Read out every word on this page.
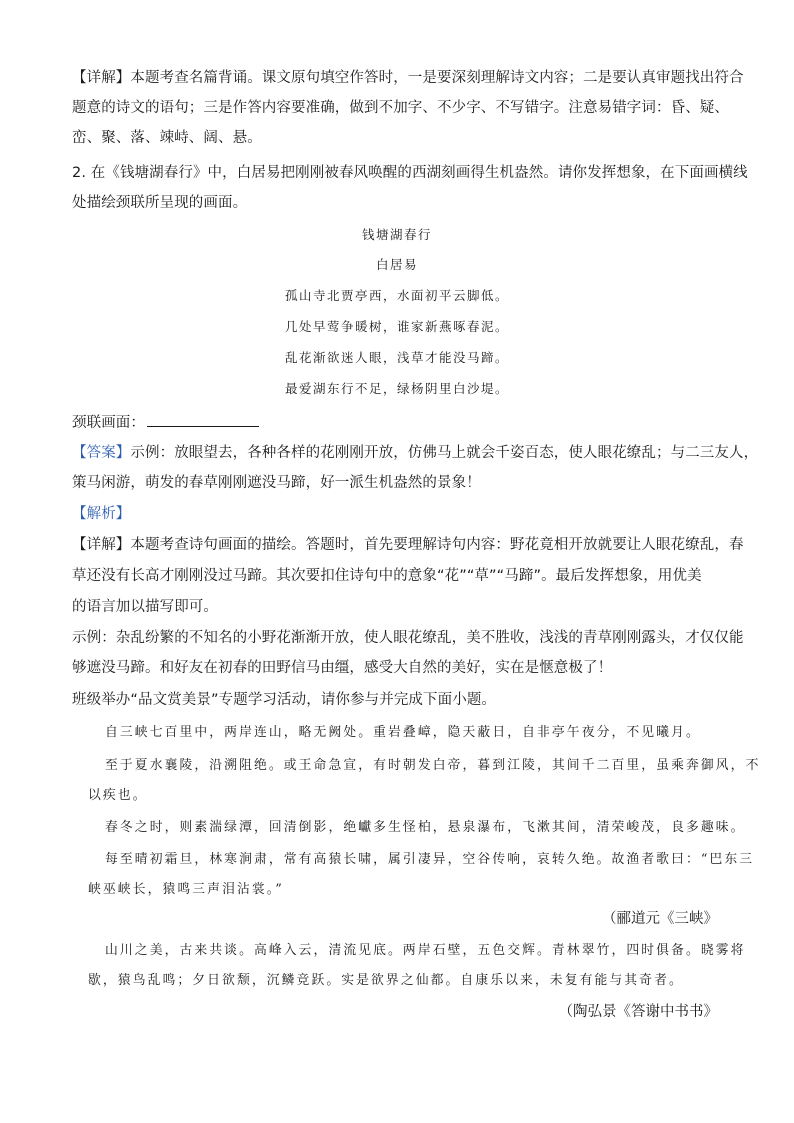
【详解】本题考查名篇背诵。课文原句填空作答时，一是要深刻理解诗文内容；二是要认真审题找出符合
题意的诗文的语句；三是作答内容要准确，做到不加字、不少字、不写错字。注意易错字词：昏、疑、
峦、聚、落、竦峙、阔、悬。
2. 在《钱塘湖春行》中，白居易把刚刚被春风唤醒的西湖刻画得生机盎然。请你发挥想象，在下面画横线
处描绘颈联所呈现的画面。
钱塘湖春行
白居易
孤山寺北贾亭西，水面初平云脚低。
几处早莺争暖树，谁家新燕啄春泥。
乱花渐欲迷人眼，浅草才能没马蹄。
最爱湖东行不足，绿杨阴里白沙堤。
颈联画面：
【答案】示例：放眼望去，各种各样的花刚刚开放，仿佛马上就会千姿百态，使人眼花缭乱；与二三友人，
策马闲游，萌发的春草刚刚遮没马蹄，好一派生机盎然的景象！
【解析】
【详解】本题考查诗句画面的描绘。答题时，首先要理解诗句内容：野花竟相开放就要让人眼花缭乱，春
草还没有长高才刚刚没过马蹄。其次要扣住诗句中的意象“花”“草”“马蹄”。最后发挥想象，用优美
的语言加以描写即可。
示例：杂乱纷繁的不知名的小野花渐渐开放，使人眼花缭乱，美不胜收，浅浅的青草刚刚露头，才仅仅能
够遮没马蹄。和好友在初春的田野信马由缰，感受大自然的美好，实在是惬意极了！
班级举办“品文赏美景”专题学习活动，请你参与并完成下面小题。
自三峡七百里中，两岸连山，略无阙处。重岩叠嶂，隐天蔽日，自非亭午夜分，不见曦月。
至于夏水襄陵，沿溯阻绝。或王命急宣，有时朝发白帝，暮到江陵，其间千二百里，虽乘奔御风，不
以疾也。
春冬之时，则素湍绿潭，回清倒影，绝巘多生怪柏，悬泉瀑布，飞漱其间，清荣峻茂，良多趣味。
每至晴初霜旦，林寒涧肃，常有高猿长啸，属引凄异，空谷传响，哀转久绝。故渔者歌曰：“巴东三
峡巫峡长，猿鸣三声泪沾裳。”
（郦道元《三峡》
山川之美，古来共谈。高峰入云，清流见底。两岸石壁，五色交辉。青林翠竹，四时俱备。晓雾将
歇，猿鸟乱鸣；夕日欲颓，沉鳞竞跃。实是欲界之仙都。自康乐以来，未复有能与其奇者。
（陶弘景《答谢中书书》
